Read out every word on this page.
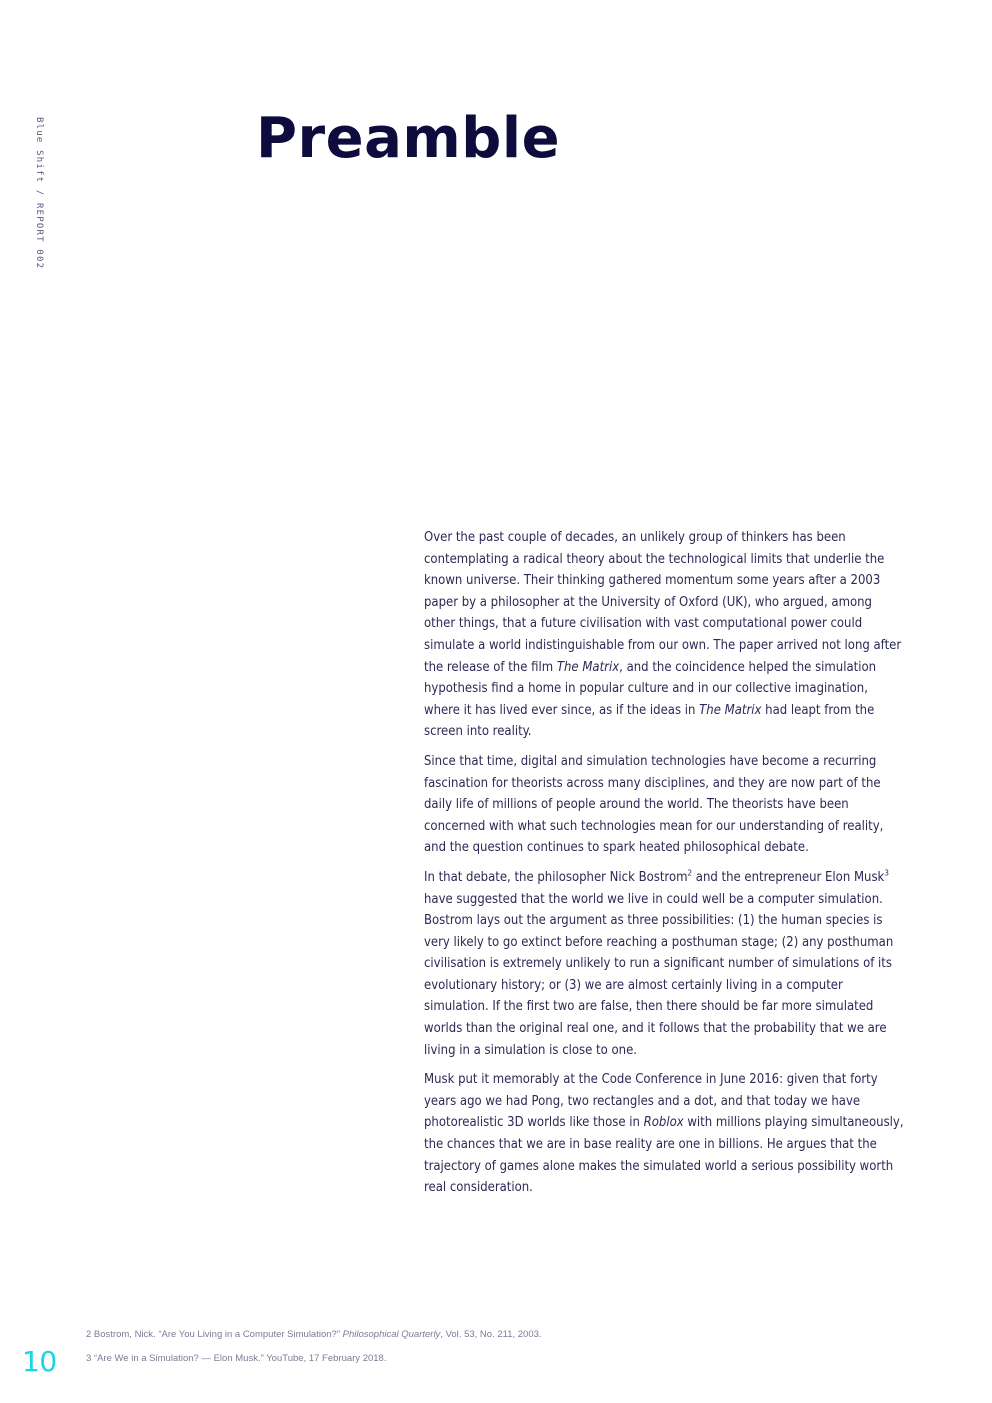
Blue Shift / REPORT 002	Preamble

Over the past couple of decades, an unlikely group of thinkers has been contemplating a radical theory about the technological limits that underlie the known universe. Their thinking gathered momentum some years after a 2003 paper by a philosopher at the University of Oxford (UK), who argued, among other things, that a future civilisation with vast computational power could simulate a world indistinguishable from our own. The paper arrived not long after the release of the film The Matrix, and the coincidence helped the simulation hypothesis find a home in popular culture and in our collective imagination, where it has lived ever since, as if the ideas in The Matrix had leapt from the screen into reality.

Since that time, digital and simulation technologies have become a recurring fascination for theorists across many disciplines, and they are now part of the daily life of millions of people around the world. The theorists have been concerned with what such technologies mean for our understanding of reality, and the question continues to spark heated philosophical debate.

In that debate, the philosopher Nick Bostrom$^2$ and the entrepreneur Elon Musk$^3$ have suggested that the world we live in could well be a computer simulation. Bostrom lays out the argument as three possibilities: (1) the human species is very likely to go extinct before reaching a posthuman stage; (2) any posthuman civilisation is extremely unlikely to run a significant number of simulations of its evolutionary history; or (3) we are almost certainly living in a computer simulation. If the first two are false, then there should be far more simulated worlds than the original real one, and it follows that the probability that we are living in a simulation is close to one.

Musk put it memorably at the Code Conference in June 2016: given that forty years ago we had Pong, two rectangles and a dot, and that today we have photorealistic 3D worlds like those in Roblox with millions playing simultaneously, the chances that we are in base reality are one in billions. He argues that the trajectory of games alone makes the simulated world a serious possibility worth real consideration.

2 Bostrom, Nick. “Are You Living in a Computer Simulation?” Philosophical Quarterly, Vol. 53, No. 211, 2003.
3 “Are We in a Simulation? — Elon Musk.” YouTube, 17 February 2018.
10
